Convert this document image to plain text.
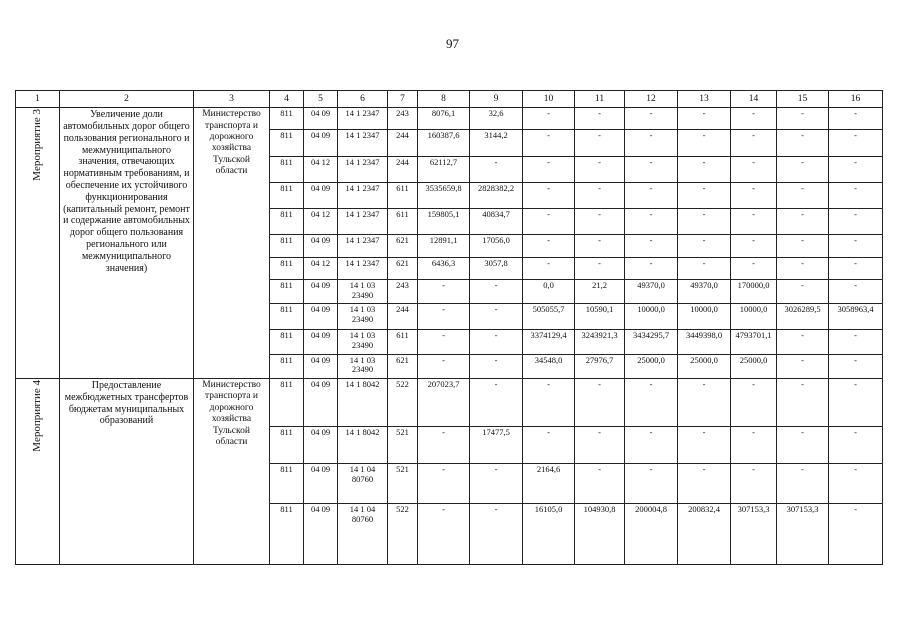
97
1	2	3	4	5	6	7	8	9	10	11	12	13	14	15	16

Мероприятие 3	Увеличение доли автомобильных дорог общего пользования регионального и межмуниципального значения, отвечающих нормативным требованиям, и обеспечение их устойчивого функционирования (капитальный ремонт, ремонт и содержание автомобильных дорог общего пользования регионального или межмуниципального значения)	Министерство транспорта и дорожного хозяйства Тульской области	811	04 09	14 1 2347	243	8076,1	32,6	-	-	-	-	-	-	-
			811	04 09	14 1 2347	244	160387,6	3144,2	-	-	-	-	-	-	-
			811	04 12	14 1 2347	244	62112,7	-	-	-	-	-	-	-	-
			811	04 09	14 1 2347	611	3535659,8	2828382,2	-	-	-	-	-	-	-
			811	04 12	14 1 2347	611	159805,1	40834,7	-	-	-	-	-	-	-
			811	04 09	14 1 2347	621	12891,1	17056,0	-	-	-	-	-	-	-
			811	04 12	14 1 2347	621	6436,3	3057,8	-	-	-	-	-	-	-
			811	04 09	14 1 03 23490	243	-	-	0,0	21,2	49370,0	49370,0	170000,0	-	-
			811	04 09	14 1 03 23490	244	-	-	505055,7	10590,1	10000,0	10000,0	10000,0	3026289,5	3058963,4
			811	04 09	14 1 03 23490	611	-	-	3374129,4	3243921,3	3434295,7	3449398,0	4793701,1	-	-
			811	04 09	14 1 03 23490	621	-	-	34548,0	27976,7	25000,0	25000,0	25000,0	-	-

Мероприятие 4	Предоставление межбюджетных трансфертов бюджетам муниципальных образований	Министерство транспорта и дорожного хозяйства Тульской области	811	04 09	14 1 8042	522	207023,7	-	-	-	-	-	-	-	-
			811	04 09	14 1 8042	521	-	17477,5	-	-	-	-	-	-	-
			811	04 09	14 1 04 80760	521	-	-	2164,6	-	-	-	-	-	-
			811	04 09	14 1 04 80760	522	-	-	16105,0	104930,8	200004,8	200832,4	307153,3	307153,3	-
